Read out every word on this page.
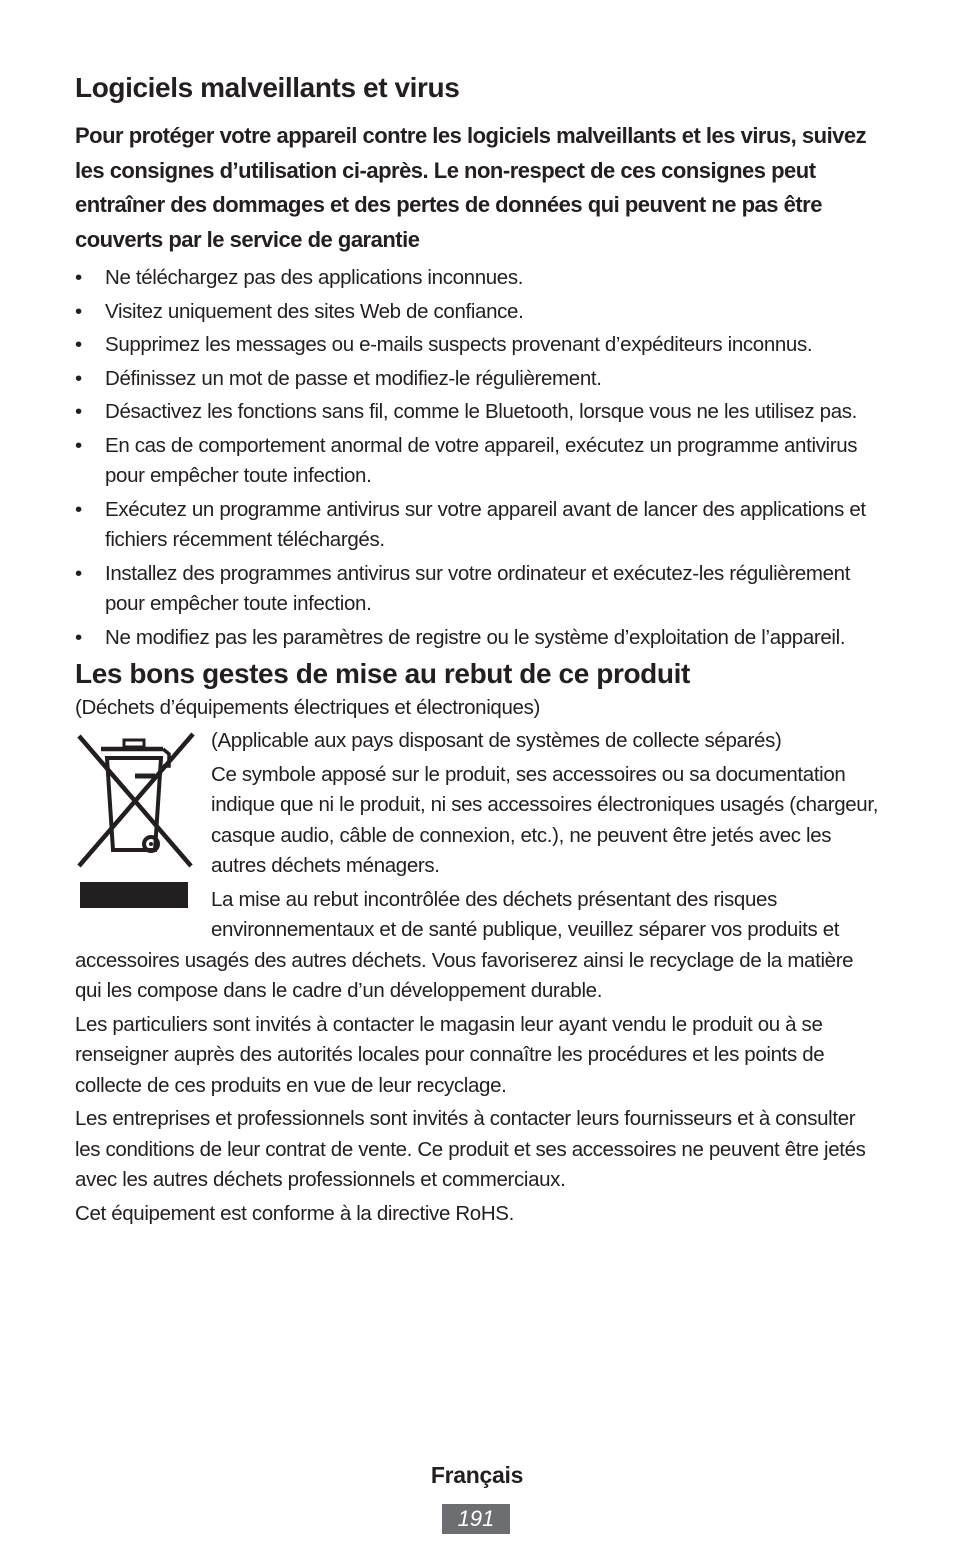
Logiciels malveillants et virus

Pour protéger votre appareil contre les logiciels malveillants et les virus, suivez les consignes d’utilisation ci-après. Le non-respect de ces consignes peut entraîner des dommages et des pertes de données qui peuvent ne pas être couverts par le service de garantie

• Ne téléchargez pas des applications inconnues.
• Visitez uniquement des sites Web de confiance.
• Supprimez les messages ou e-mails suspects provenant d’expéditeurs inconnus.
• Définissez un mot de passe et modifiez-le régulièrement.
• Désactivez les fonctions sans fil, comme le Bluetooth, lorsque vous ne les utilisez pas.
• En cas de comportement anormal de votre appareil, exécutez un programme antivirus pour empêcher toute infection.
• Exécutez un programme antivirus sur votre appareil avant de lancer des applications et fichiers récemment téléchargés.
• Installez des programmes antivirus sur votre ordinateur et exécutez-les régulièrement pour empêcher toute infection.
• Ne modifiez pas les paramètres de registre ou le système d’exploitation de l’appareil.
Les bons gestes de mise au rebut de ce produit

(Déchets d’équipements électriques et électroniques)

(Applicable aux pays disposant de systèmes de collecte séparés)

Ce symbole apposé sur le produit, ses accessoires ou sa documentation indique que ni le produit, ni ses accessoires électroniques usagés (chargeur, casque audio, câble de connexion, etc.), ne peuvent être jetés avec les autres déchets ménagers.

La mise au rebut incontrôlée des déchets présentant des risques environnementaux et de santé publique, veuillez séparer vos produits et accessoires usagés des autres déchets. Vous favoriserez ainsi le recyclage de la matière qui les compose dans le cadre d’un développement durable.

Les particuliers sont invités à contacter le magasin leur ayant vendu le produit ou à se renseigner auprès des autorités locales pour connaître les procédures et les points de collecte de ces produits en vue de leur recyclage.

Les entreprises et professionnels sont invités à contacter leurs fournisseurs et à consulter les conditions de leur contrat de vente. Ce produit et ses accessoires ne peuvent être jetés avec les autres déchets professionnels et commerciaux.

Cet équipement est conforme à la directive RoHS.

Français
191
